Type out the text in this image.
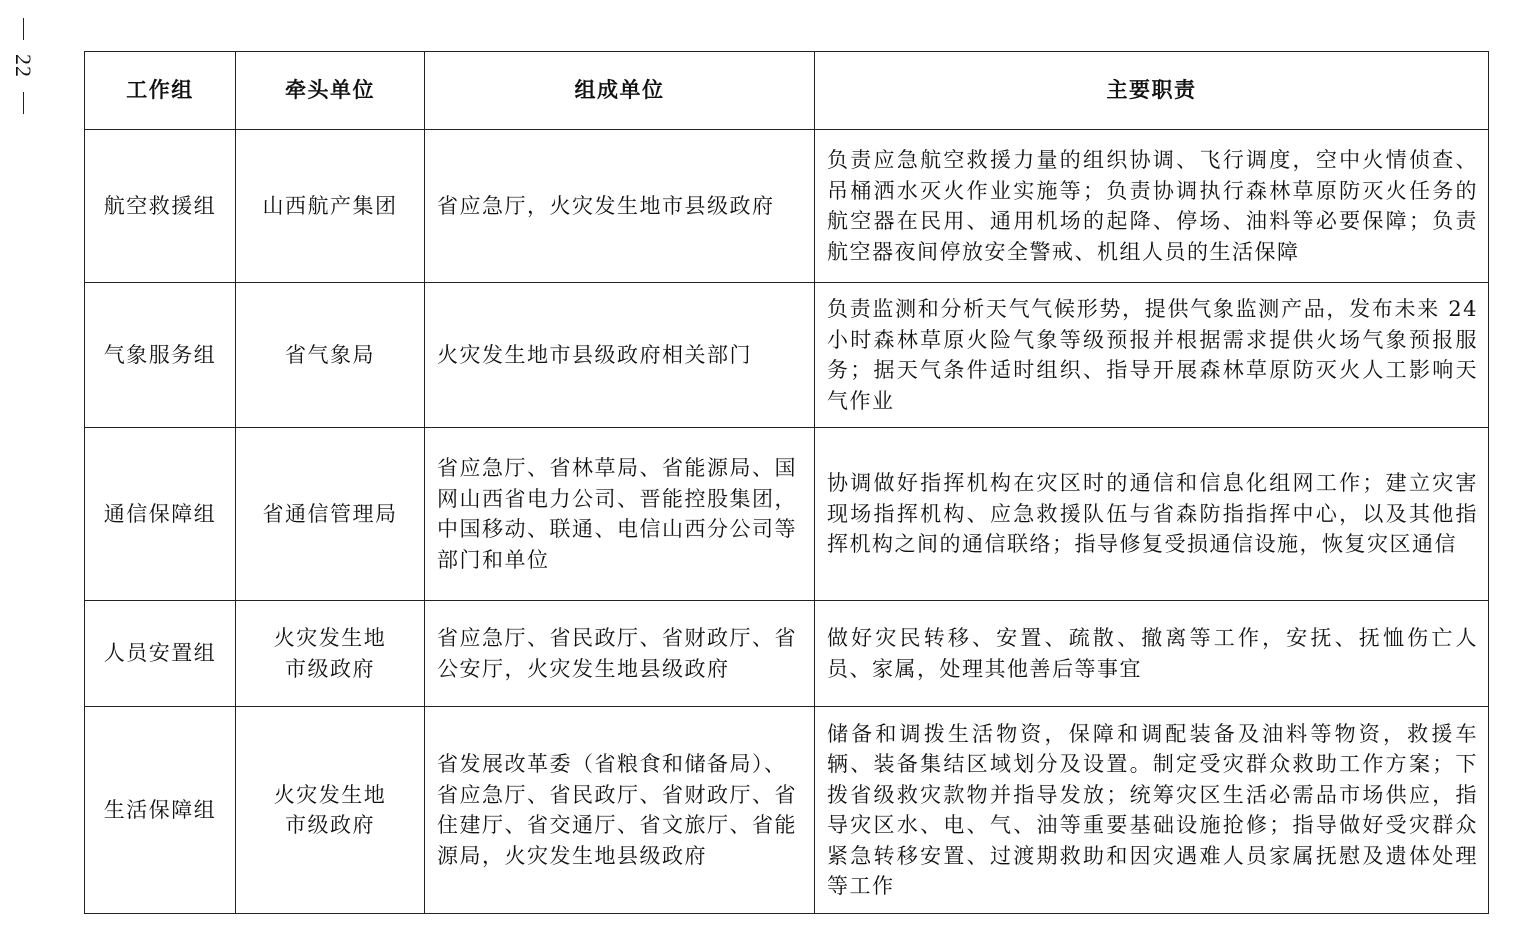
22
工作组	牵头单位	组成单位	主要职责
航空救援组	山西航产集团	省应急厅，火灾发生地市县级政府	负责应急航空救援力量的组织协调、飞行调度，空中火情侦查、吊桶洒水灭火作业实施等；负责协调执行森林草原防灭火任务的航空器在民用、通用机场的起降、停场、油料等必要保障；负责航空器夜间停放安全警戒、机组人员的生活保障
气象服务组	省气象局	火灾发生地市县级政府相关部门	负责监测和分析天气气候形势，提供气象监测产品，发布未来 24 小时森林草原火险气象等级预报并根据需求提供火场气象预报服务；据天气条件适时组织、指导开展森林草原防灭火人工影响天气作业
通信保障组	省通信管理局	省应急厅、省林草局、省能源局、国网山西省电力公司、晋能控股集团，中国移动、联通、电信山西分公司等部门和单位	协调做好指挥机构在灾区时的通信和信息化组网工作；建立灾害现场指挥机构、应急救援队伍与省森防指指挥中心，以及其他指挥机构之间的通信联络；指导修复受损通信设施，恢复灾区通信
人员安置组	火灾发生地市级政府	省应急厅、省民政厅、省财政厅、省公安厅，火灾发生地县级政府	做好灾民转移、安置、疏散、撤离等工作，安抚、抚恤伤亡人员、家属，处理其他善后等事宜
生活保障组	火灾发生地市级政府	省发展改革委（省粮食和储备局）、省应急厅、省民政厅、省财政厅、省住建厅、省交通厅、省文旅厅、省能源局，火灾发生地县级政府	储备和调拨生活物资，保障和调配装备及油料等物资，救援车辆、装备集结区域划分及设置。制定受灾群众救助工作方案；下拨省级救灾款物并指导发放；统筹灾区生活必需品市场供应，指导灾区水、电、气、油等重要基础设施抢修；指导做好受灾群众紧急转移安置、过渡期救助和因灾遇难人员家属抚慰及遗体处理等工作
